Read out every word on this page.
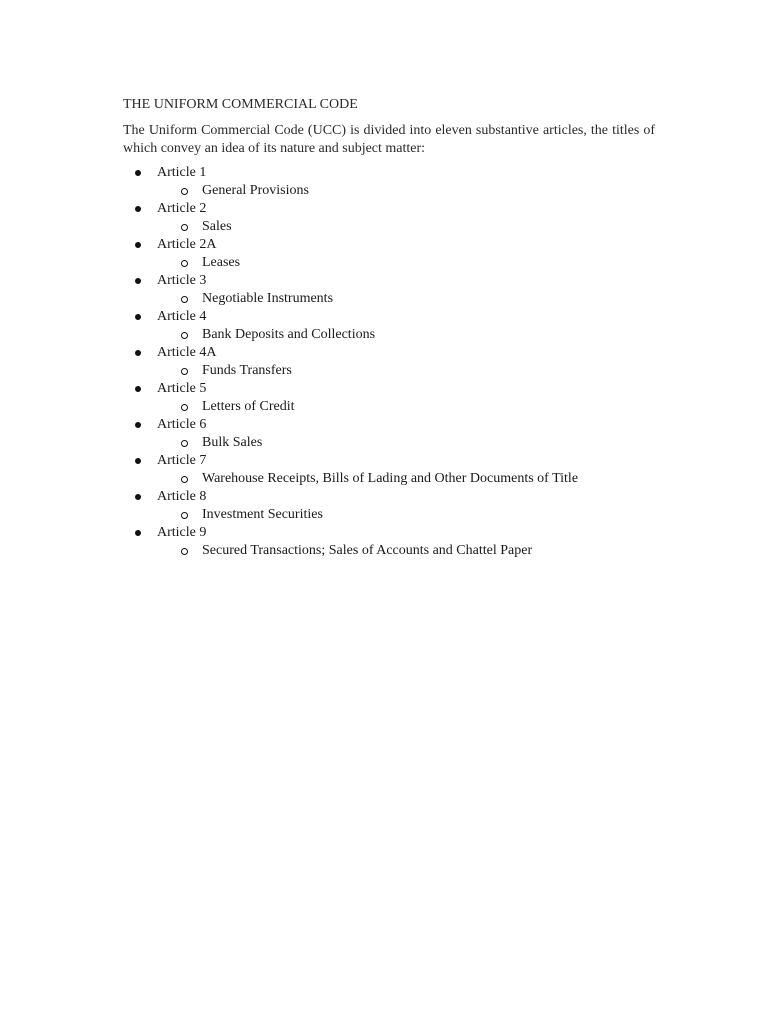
THE UNIFORM COMMERCIAL CODE

The Uniform Commercial Code (UCC) is divided into eleven substantive articles, the titles of which convey an idea of its nature and subject matter:

Article 1
General Provisions
Article 2
Sales
Article 2A
Leases
Article 3
Negotiable Instruments
Article 4
Bank Deposits and Collections
Article 4A
Funds Transfers
Article 5
Letters of Credit
Article 6
Bulk Sales
Article 7
Warehouse Receipts, Bills of Lading and Other Documents of Title
Article 8
Investment Securities
Article 9
Secured Transactions; Sales of Accounts and Chattel Paper
